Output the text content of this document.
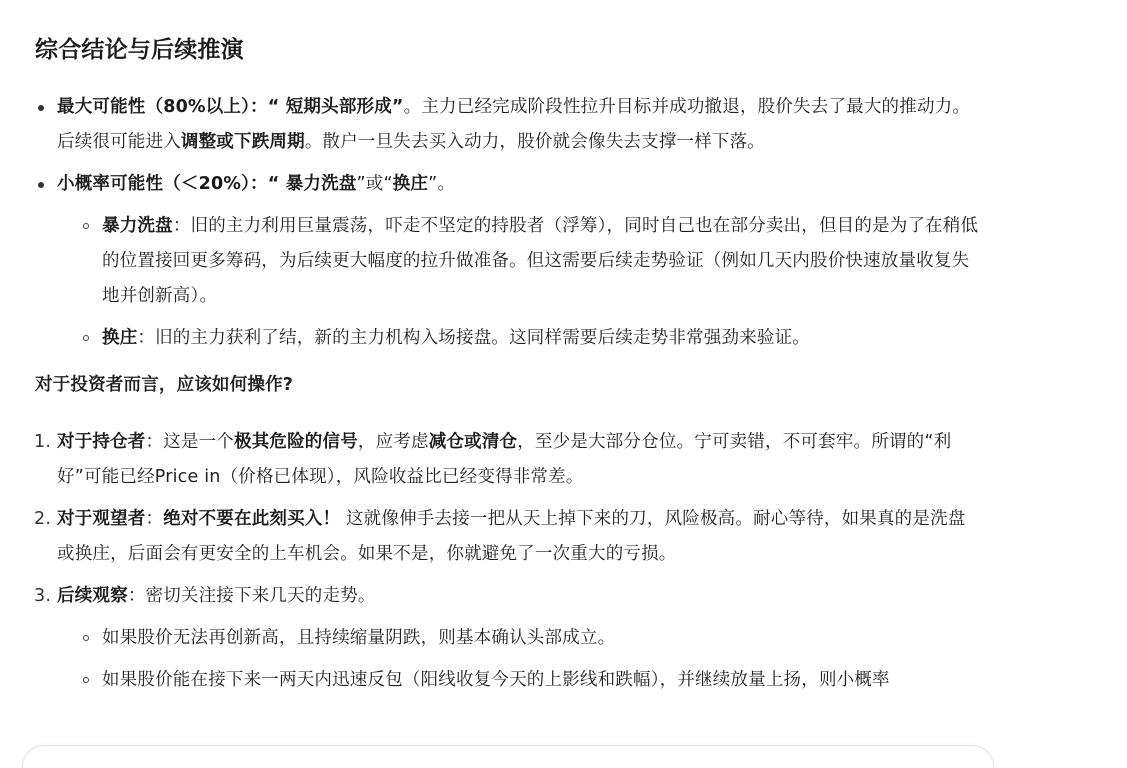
综合结论与后续推演
最大可能性（80%以上）：“ 短期头部形成”。主力已经完成阶段性拉升目标并成功撤退，股价失去了最大的推动力。后续很可能进入调整或下跌周期。散户一旦失去买入动力，股价就会像失去支撑一样下落。
小概率可能性（＜20%）：“ 暴力洗盘”或“换庄”。
暴力洗盘：旧的主力利用巨量震荡，吓走不坚定的持股者（浮筹），同时自己也在部分卖出，但目的是为了在稍低的位置接回更多筹码，为后续更大幅度的拉升做准备。但这需要后续走势验证（例如几天内股价快速放量收复失地并创新高）。
换庄：旧的主力获利了结，新的主力机构入场接盘。这同样需要后续走势非常强劲来验证。
对于投资者而言，应该如何操作?
1. 对于持仓者：这是一个极其危险的信号，应考虑减仓或清仓，至少是大部分仓位。宁可卖错，不可套牢。所谓的“利好”可能已经Price in（价格已体现），风险收益比已经变得非常差。
2. 对于观望者：绝对不要在此刻买入！ 这就像伸手去接一把从天上掉下来的刀，风险极高。耐心等待，如果真的是洗盘或换庄，后面会有更安全的上车机会。如果不是，你就避免了一次重大的亏损。
3. 后续观察：密切关注接下来几天的走势。
如果股价无法再创新高，且持续缩量阴跌，则基本确认头部成立。
如果股价能在接下来一两天内迅速反包（阳线收复今天的上影线和跌幅），并继续放量上扬，则小概率
